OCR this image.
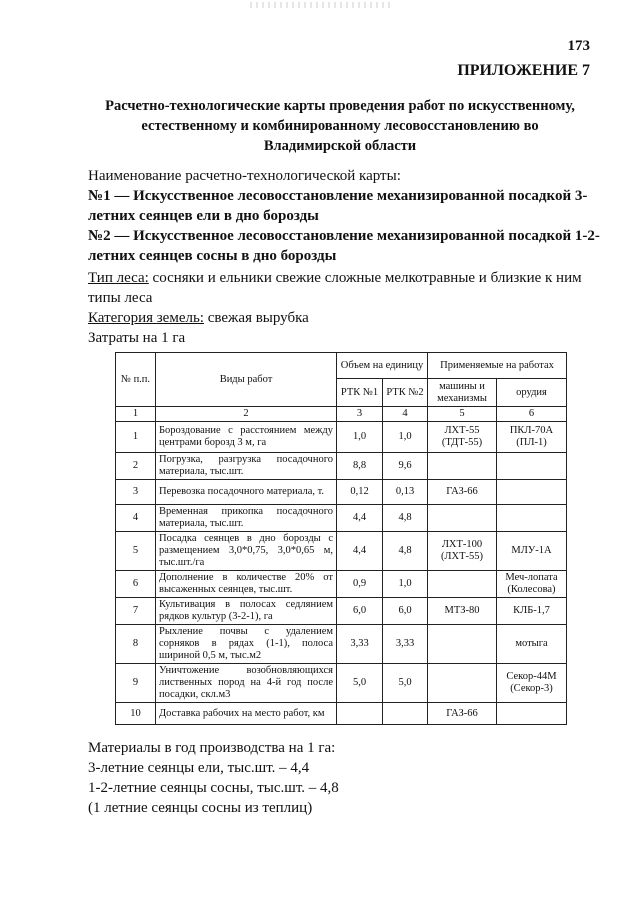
173
ПРИЛОЖЕНИЕ 7
Расчетно-технологические карты проведения работ по искусственному,
естественному и комбинированному лесовосстановлению во
Владимирской области
Наименование расчетно-технологической карты:
№1 — Искусственное лесовосстановление механизированной посадкой 3-летних сеянцев ели в дно борозды
№2 — Искусственное лесовосстановление механизированной посадкой 1-2-летних сеянцев сосны в дно борозды
Тип леса: сосняки и ельники свежие сложные мелкотравные и близкие к ним типы леса
Категория земель: свежая вырубка
Затраты на 1 га
№ п.п.	Виды работ	Объем на единицу		Применяемые на работах	
		РТК №1	РТК №2	машины и механизмы	орудия
1	2	3	4	5	6
1	Бороздование с расстоянием между центрами борозд 3 м, га	1,0	1,0	ЛХТ-55 (ТДТ-55)	ПКЛ-70А (ПЛ-1)
2	Погрузка, разгрузка посадочного материала, тыс.шт.	8,8	9,6		
3	Перевозка посадочного материала, т.	0,12	0,13	ГАЗ-66	
4	Временная прикопка посадочного материала, тыс.шт.	4,4	4,8		
5	Посадка сеянцев в дно борозды с размещением 3,0*0,75, 3,0*0,65 м, тыс.шт./га	4,4	4,8	ЛХТ-100 (ЛХТ-55)	МЛУ-1А
6	Дополнение в количестве 20% от высаженных сеянцев, тыс.шт.	0,9	1,0		Меч-лопата (Колесова)
7	Культивация в полосах седлянием рядков культур (3-2-1), га	6,0	6,0	МТЗ-80	КЛБ-1,7
8	Рыхление почвы с удалением сорняков в рядах (1-1), полоса шириной 0,5 м, тыс.м2	3,33	3,33		мотыга
9	Уничтожение возобновляющихся лиственных пород на 4-й год после посадки, скл.м3	5,0	5,0		Секор-44М (Секор-3)
10	Доставка рабочих на место работ, км			ГАЗ-66	
Материалы в год производства на 1 га:
3-летние сеянцы ели, тыс.шт. – 4,4
1-2-летние сеянцы сосны, тыс.шт. – 4,8
(1 летние сеянцы сосны из теплиц)
